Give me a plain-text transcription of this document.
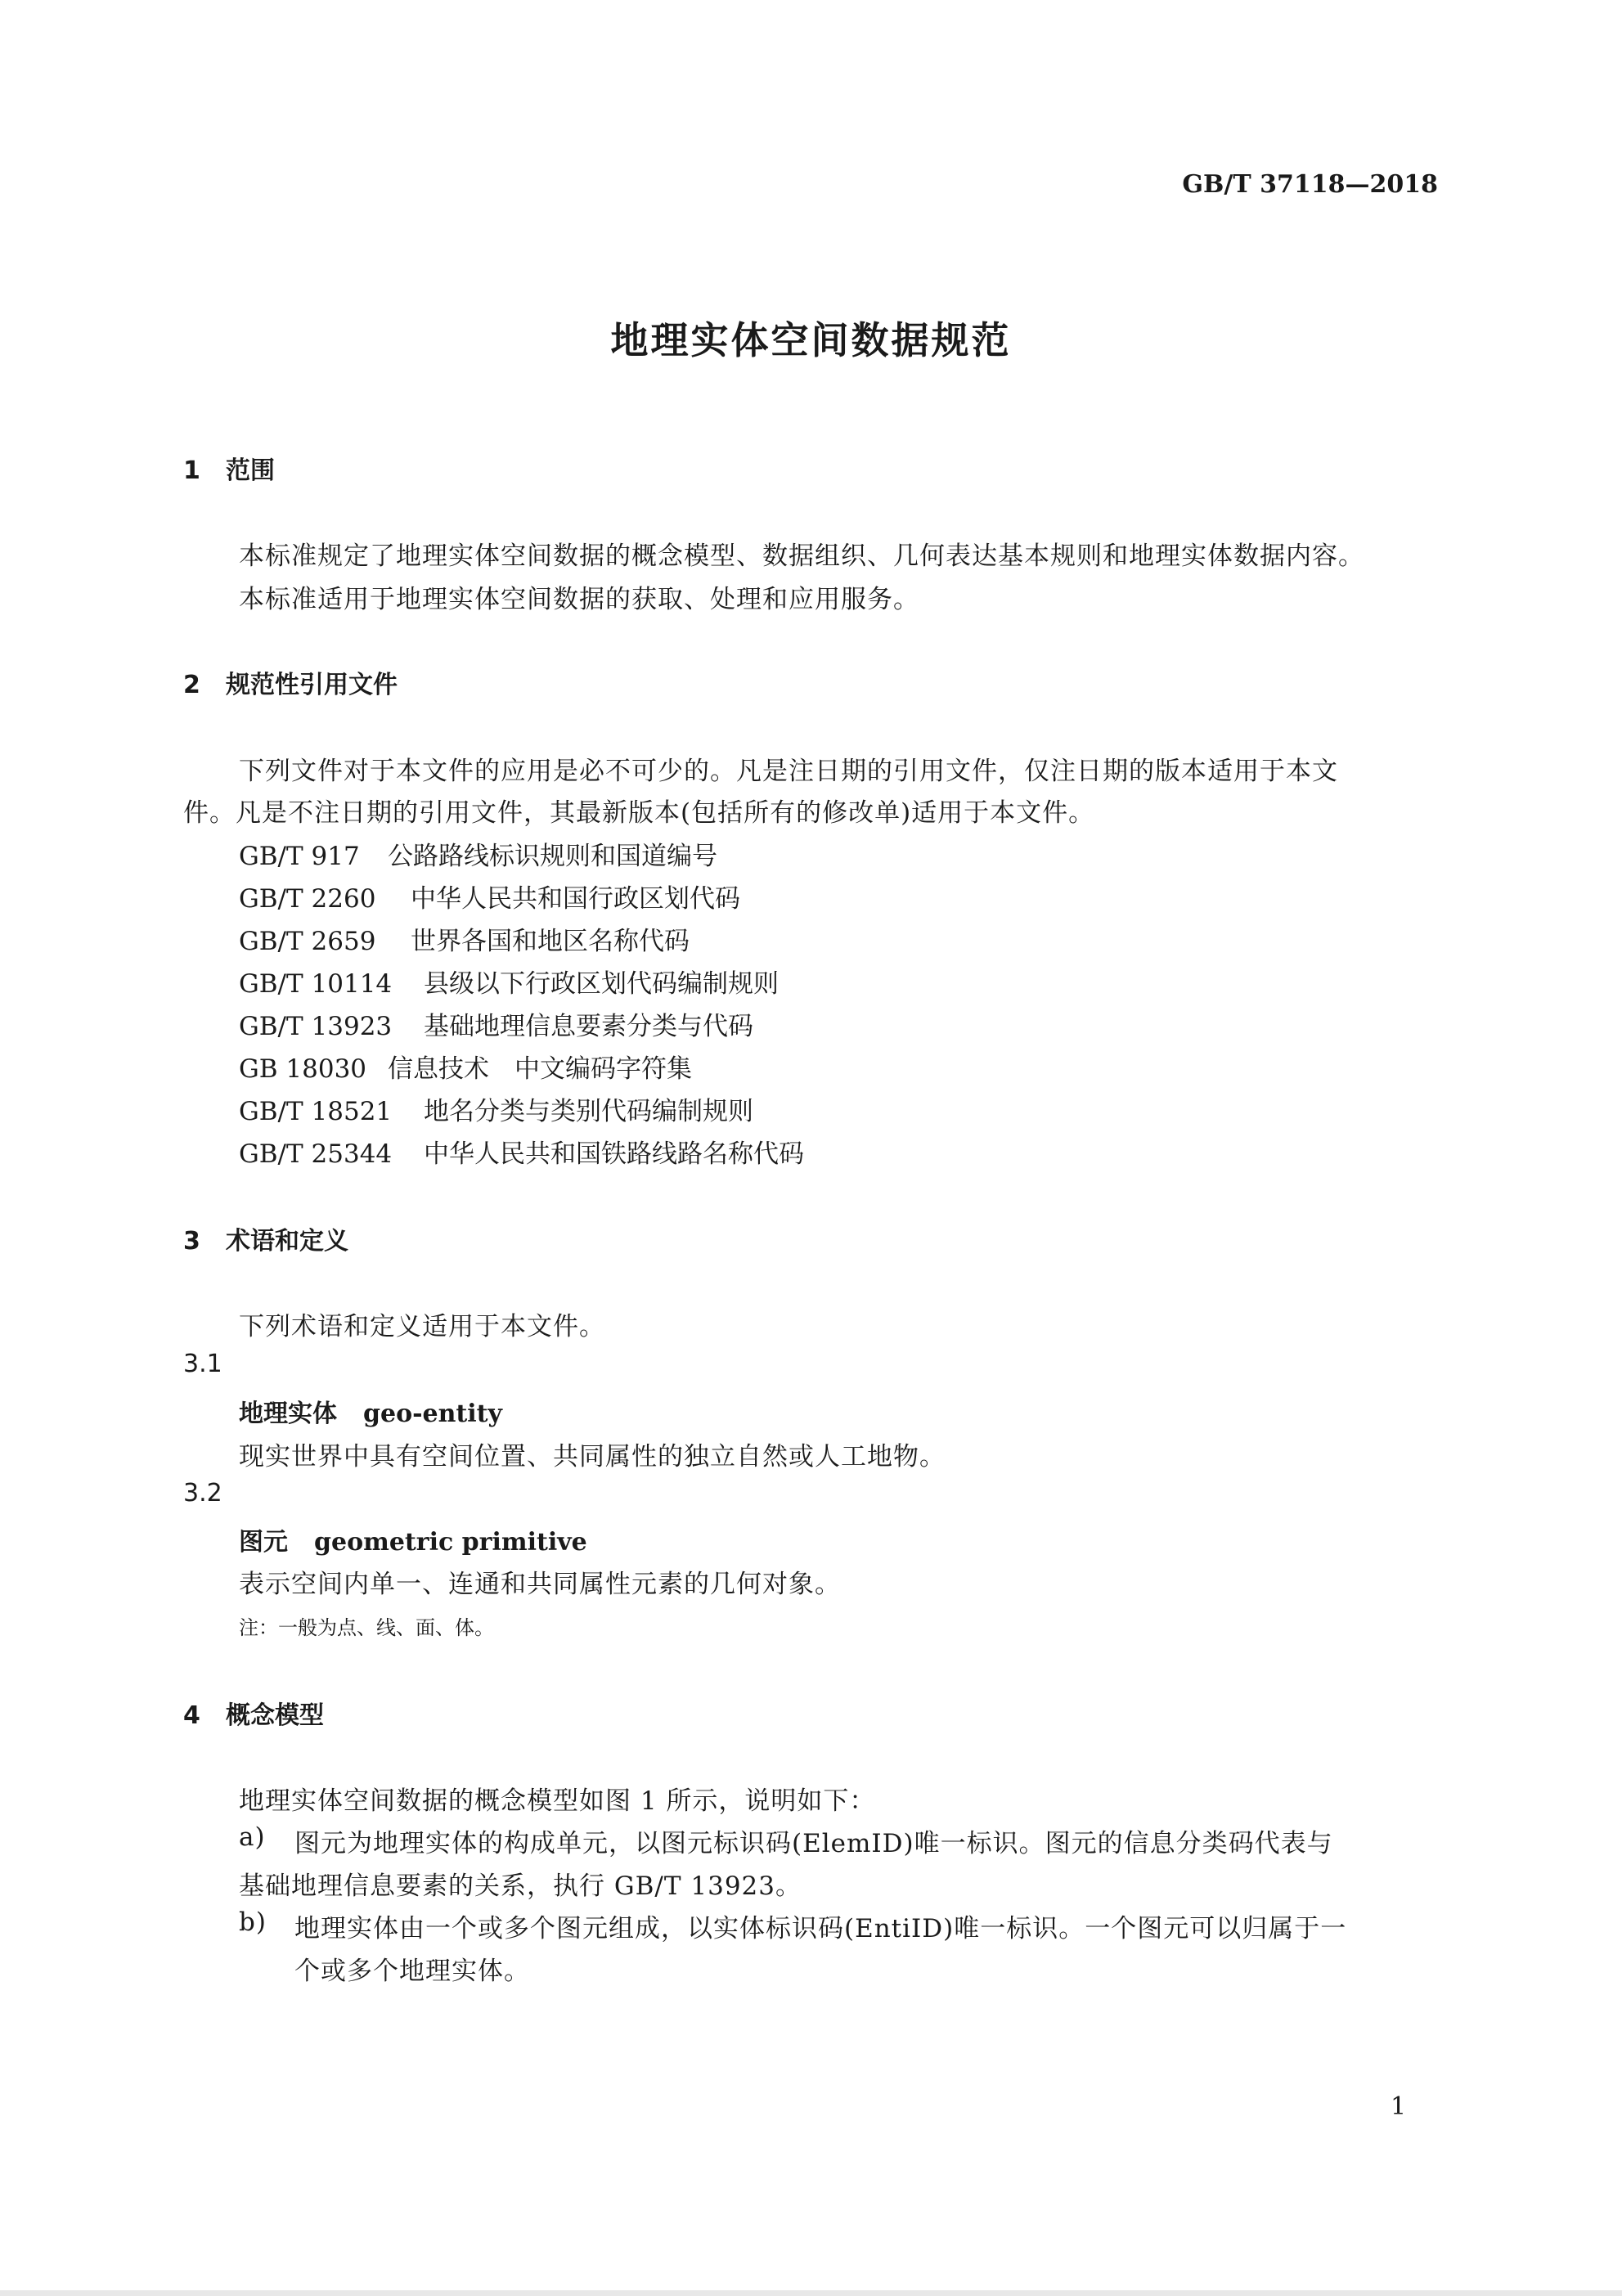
GB/T 37118—2018
地理实体空间数据规范
1 范围
本标准规定了地理实体空间数据的概念模型、数据组织、几何表达基本规则和地理实体数据内容。
本标准适用于地理实体空间数据的获取、处理和应用服务。
2 规范性引用文件
下列文件对于本文件的应用是必不可少的。凡是注日期的引用文件，仅注日期的版本适用于本文
件。凡是不注日期的引用文件，其最新版本(包括所有的修改单)适用于本文件。
GB/T 917 公路路线标识规则和国道编号
GB/T 2260 中华人民共和国行政区划代码
GB/T 2659 世界各国和地区名称代码
GB/T 10114 县级以下行政区划代码编制规则
GB/T 13923 基础地理信息要素分类与代码
GB 18030 信息技术　中文编码字符集
GB/T 18521 地名分类与类别代码编制规则
GB/T 25344 中华人民共和国铁路线路名称代码
3 术语和定义
下列术语和定义适用于本文件。
3.1
地理实体 geo-entity
现实世界中具有空间位置、共同属性的独立自然或人工地物。
3.2
图元 geometric primitive
表示空间内单一、连通和共同属性元素的几何对象。
注：一般为点、线、面、体。
4 概念模型
地理实体空间数据的概念模型如图 1 所示，说明如下：
a) 图元为地理实体的构成单元，以图元标识码(ElemID)唯一标识。图元的信息分类码代表与
基础地理信息要素的关系，执行 GB/T 13923。
b) 地理实体由一个或多个图元组成，以实体标识码(EntiID)唯一标识。一个图元可以归属于一
个或多个地理实体。
1
